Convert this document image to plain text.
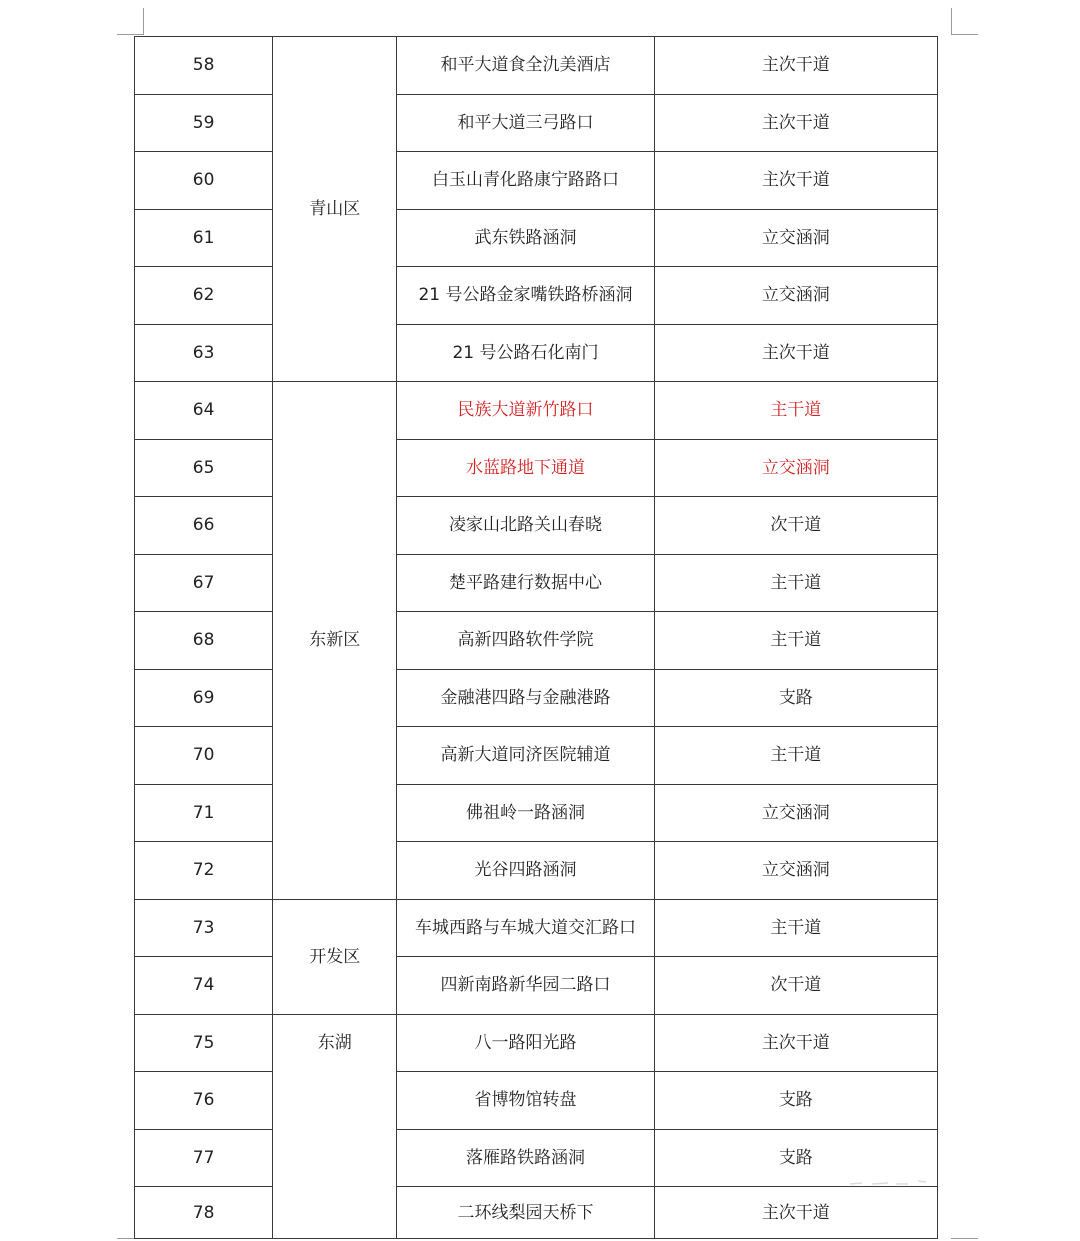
58	青山区	和平大道食全氿美酒店	主次干道
59		和平大道三弓路口	主次干道
60		白玉山青化路康宁路路口	主次干道
61		武东铁路涵洞	立交涵洞
62		21 号公路金家嘴铁路桥涵洞	立交涵洞
63		21 号公路石化南门	主次干道
64	东新区	民族大道新竹路口	主干道
65		水蓝路地下通道	立交涵洞
66		凌家山北路关山春晓	次干道
67		楚平路建行数据中心	主干道
68		高新四路软件学院	主干道
69		金融港四路与金融港路	支路
70		高新大道同济医院辅道	主干道
71		佛祖岭一路涵洞	立交涵洞
72		光谷四路涵洞	立交涵洞
73	开发区	车城西路与车城大道交汇路口	主干道
74		四新南路新华园二路口	次干道
75	东湖	八一路阳光路	主次干道
76		省博物馆转盘	支路
77		落雁路铁路涵洞	支路
78		二环线梨园天桥下	主次干道
